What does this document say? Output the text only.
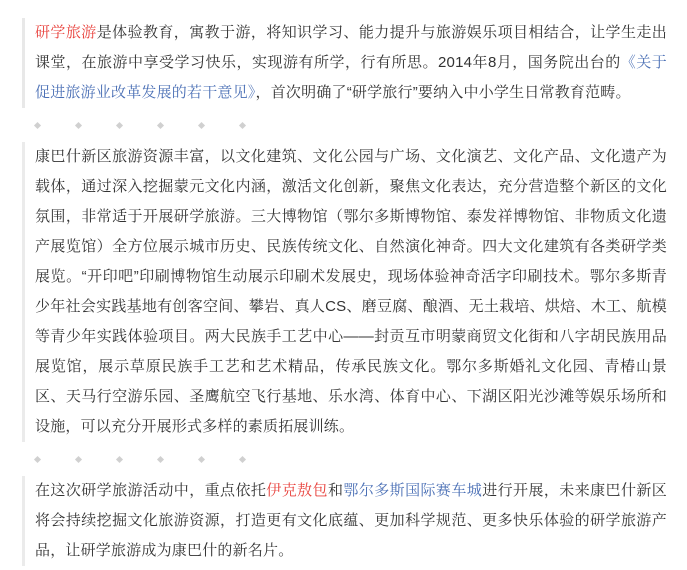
研学旅游是体验教育，寓教于游，将知识学习、能力提升与旅游娱乐项目相结合，让学生走出课堂，在旅游中享受学习快乐，实现游有所学，行有所思。2014年8月，国务院出台的《关于促进旅游业改革发展的若干意见》，首次明确了“研学旅行”要纳入中小学生日常教育范畴。

康巴什新区旅游资源丰富，以文化建筑、文化公园与广场、文化演艺、文化产品、文化遗产为载体，通过深入挖掘蒙元文化内涵，激活文化创新，聚焦文化表达，充分营造整个新区的文化氛围，非常适于开展研学旅游。三大博物馆（鄂尔多斯博物馆、泰发祥博物馆、非物质文化遗产展览馆）全方位展示城市历史、民族传统文化、自然演化神奇。四大文化建筑有各类研学类展览。“开印吧”印刷博物馆生动展示印刷术发展史，现场体验神奇活字印刷技术。鄂尔多斯青少年社会实践基地有创客空间、攀岩、真人CS、磨豆腐、酿酒、无土栽培、烘焙、木工、航模等青少年实践体验项目。两大民族手工艺中心——封贡互市明蒙商贸文化街和八字胡民族用品展览馆，展示草原民族手工艺和艺术精品，传承民族文化。鄂尔多斯婚礼文化园、青椿山景区、天马行空游乐园、圣鹰航空飞行基地、乐水湾、体育中心、下湖区阳光沙滩等娱乐场所和设施，可以充分开展形式多样的素质拓展训练。

在这次研学旅游活动中，重点依托伊克敖包和鄂尔多斯国际赛车城进行开展，未来康巴什新区将会持续挖掘文化旅游资源，打造更有文化底蕴、更加科学规范、更多快乐体验的研学旅游产品，让研学旅游成为康巴什的新名片。
